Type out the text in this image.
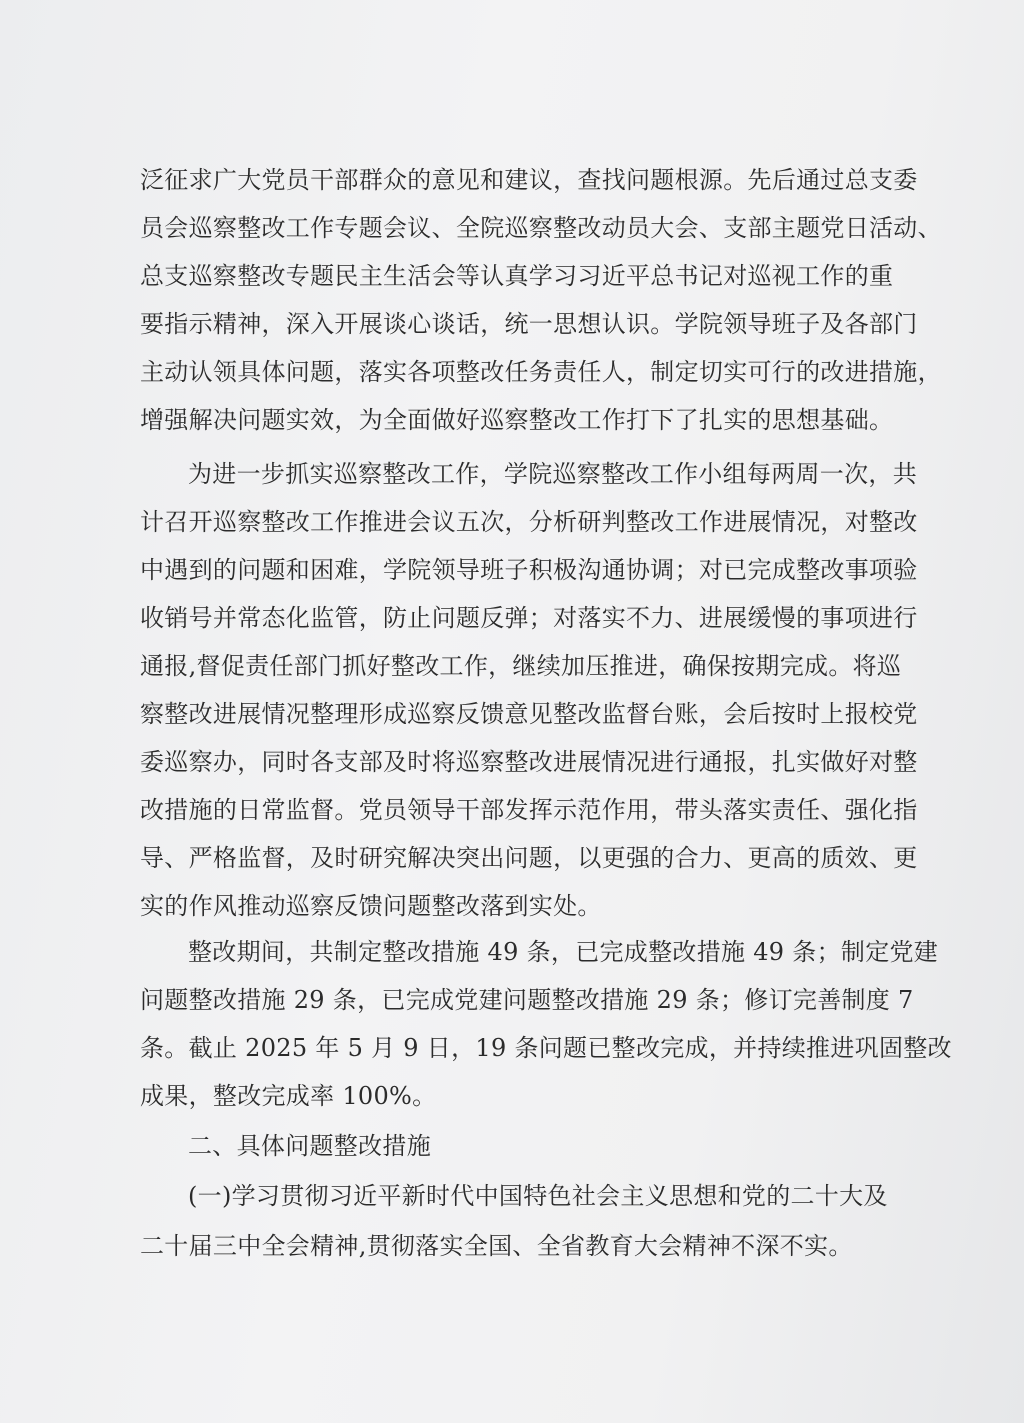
泛征求广大党员干部群众的意见和建议，查找问题根源。先后通过总支委
员会巡察整改工作专题会议、全院巡察整改动员大会、支部主题党日活动、
总支巡察整改专题民主生活会等认真学习习近平总书记对巡视工作的重
要指示精神，深入开展谈心谈话，统一思想认识。学院领导班子及各部门
主动认领具体问题，落实各项整改任务责任人，制定切实可行的改进措施，
增强解决问题实效，为全面做好巡察整改工作打下了扎实的思想基础。
为进一步抓实巡察整改工作，学院巡察整改工作小组每两周一次，共
计召开巡察整改工作推进会议五次，分析研判整改工作进展情况，对整改
中遇到的问题和困难，学院领导班子积极沟通协调；对已完成整改事项验
收销号并常态化监管，防止问题反弹；对落实不力、进展缓慢的事项进行
通报,督促责任部门抓好整改工作，继续加压推进，确保按期完成。将巡
察整改进展情况整理形成巡察反馈意见整改监督台账，会后按时上报校党
委巡察办，同时各支部及时将巡察整改进展情况进行通报，扎实做好对整
改措施的日常监督。党员领导干部发挥示范作用，带头落实责任、强化指
导、严格监督，及时研究解决突出问题，以更强的合力、更高的质效、更
实的作风推动巡察反馈问题整改落到实处。
整改期间，共制定整改措施 49 条，已完成整改措施 49 条；制定党建
问题整改措施 29 条，已完成党建问题整改措施 29 条；修订完善制度 7
条。截止 2025 年 5 月 9 日，19 条问题已整改完成，并持续推进巩固整改
成果，整改完成率 100%。
二、具体问题整改措施
(一)学习贯彻习近平新时代中国特色社会主义思想和党的二十大及
二十届三中全会精神,贯彻落实全国、全省教育大会精神不深不实。
